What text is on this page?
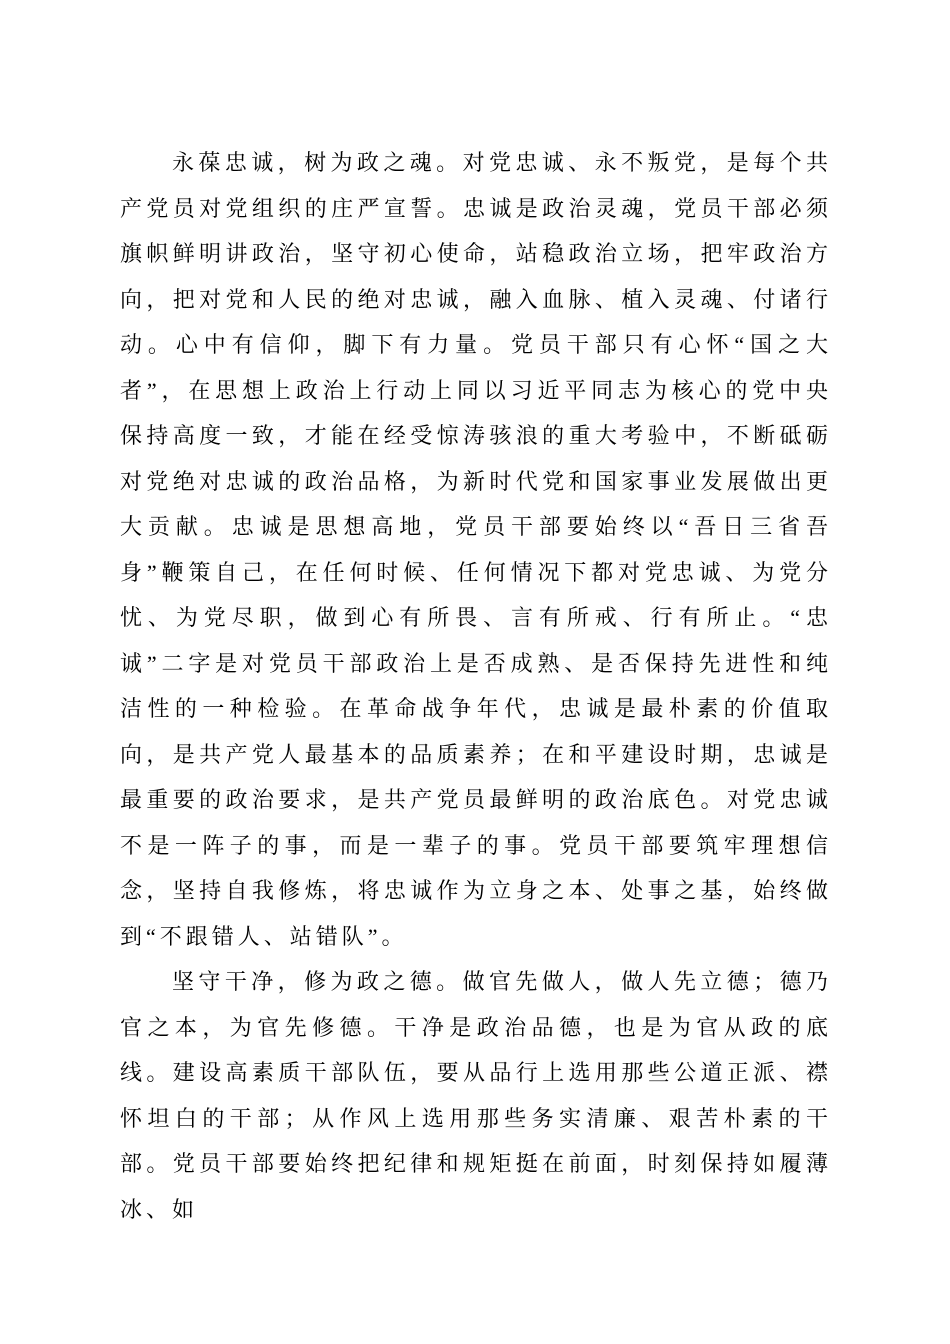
永葆忠诚，树为政之魂。对党忠诚、永不叛党，是每个共产党员对党组织的庄严宣誓。忠诚是政治灵魂，党员干部必须旗帜鲜明讲政治，坚守初心使命，站稳政治立场，把牢政治方向，把对党和人民的绝对忠诚，融入血脉、植入灵魂、付诸行动。心中有信仰，脚下有力量。党员干部只有心怀“国之大者”，在思想上政治上行动上同以习近平同志为核心的党中央保持高度一致，才能在经受惊涛骇浪的重大考验中，不断砥砺对党绝对忠诚的政治品格，为新时代党和国家事业发展做出更大贡献。忠诚是思想高地，党员干部要始终以“吾日三省吾身”鞭策自己，在任何时候、任何情况下都对党忠诚、为党分忧、为党尽职，做到心有所畏、言有所戒、行有所止。“忠诚”二字是对党员干部政治上是否成熟、是否保持先进性和纯洁性的一种检验。在革命战争年代，忠诚是最朴素的价值取向，是共产党人最基本的品质素养；在和平建设时期，忠诚是最重要的政治要求，是共产党员最鲜明的政治底色。对党忠诚不是一阵子的事，而是一辈子的事。党员干部要筑牢理想信念，坚持自我修炼，将忠诚作为立身之本、处事之基，始终做到“不跟错人、站错队”。

坚守干净，修为政之德。做官先做人，做人先立德；德乃官之本，为官先修德。干净是政治品德，也是为官从政的底线。建设高素质干部队伍，要从品行上选用那些公道正派、襟怀坦白的干部；从作风上选用那些务实清廉、艰苦朴素的干部。党员干部要始终把纪律和规矩挺在前面，时刻保持如履薄冰、如
